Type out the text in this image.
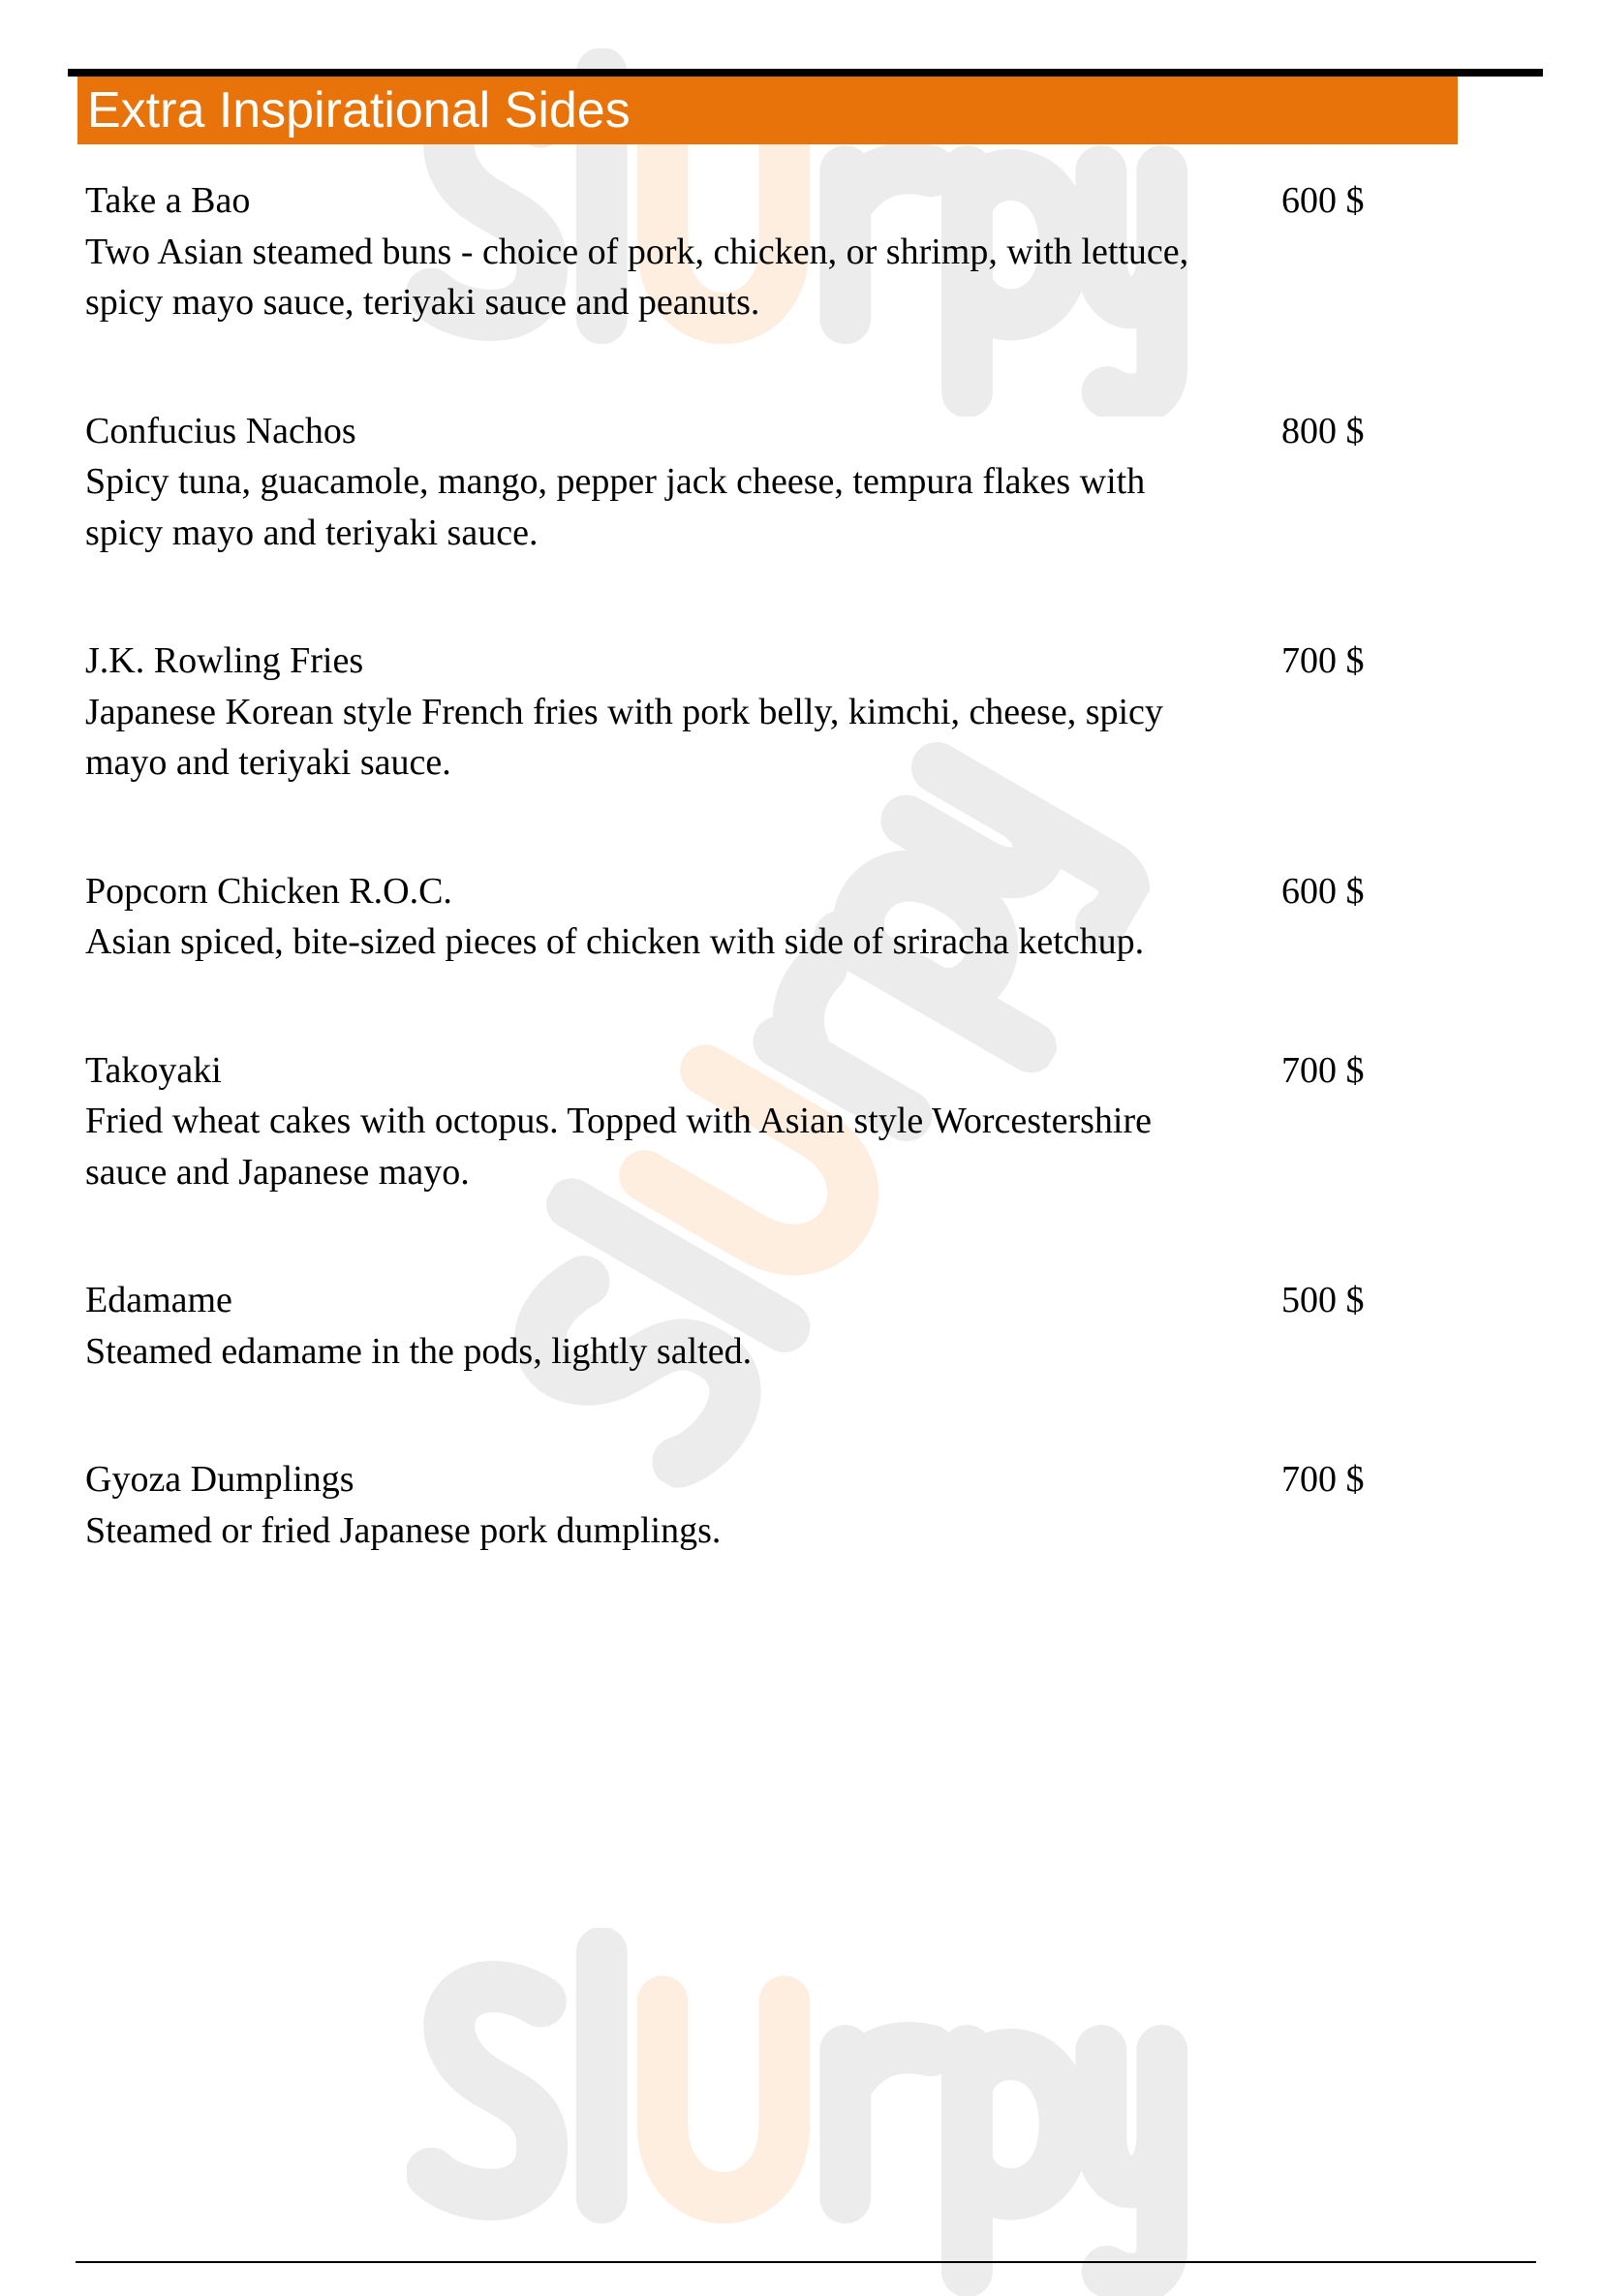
Extra Inspirational Sides
Take a Bao	600 $
Two Asian steamed buns - choice of pork, chicken, or shrimp, with lettuce, spicy mayo sauce, teriyaki sauce and peanuts.
Confucius Nachos	800 $
Spicy tuna, guacamole, mango, pepper jack cheese, tempura flakes with spicy mayo and teriyaki sauce.
J.K. Rowling Fries	700 $
Japanese Korean style French fries with pork belly, kimchi, cheese, spicy mayo and teriyaki sauce.
Popcorn Chicken R.O.C.	600 $
Asian spiced, bite-sized pieces of chicken with side of sriracha ketchup.
Takoyaki	700 $
Fried wheat cakes with octopus. Topped with Asian style Worcestershire sauce and Japanese mayo.
Edamame	500 $
Steamed edamame in the pods, lightly salted.
Gyoza Dumplings	700 $
Steamed or fried Japanese pork dumplings.
